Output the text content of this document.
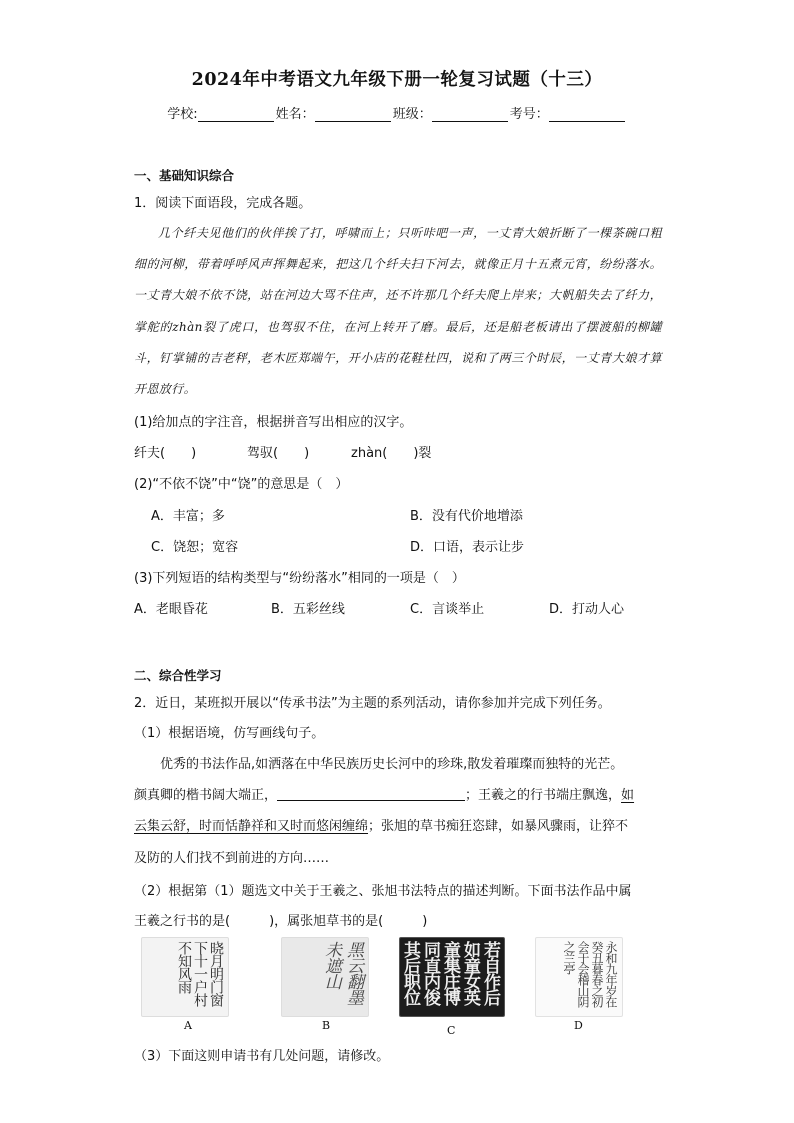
2024年中考语文九年级下册一轮复习试题（十三）
学校:	姓名：	班级：	考号：
一、基础知识综合
1．阅读下面语段，完成各题。

几个纤夫见他们的伙伴挨了打，呼啸而上；只听咔吧一声，一丈青大娘折断了一棵茶碗口粗细的河柳，带着呼呼风声挥舞起来，把这几个纤夫扫下河去，就像正月十五煮元宵，纷纷落水。一丈青大娘不依不饶，站在河边大骂不住声，还不许那几个纤夫爬上岸来；大帆船失去了纤力，掌舵的zhàn裂了虎口，也驾驭不住，在河上转开了磨。最后，还是船老板请出了摆渡船的柳罐斗，钉掌铺的吉老秤，老木匠郑端午，开小店的花鞋杜四，说和了两三个时辰，一丈青大娘才算开恩放行。

(1)给加点的字注音，根据拼音写出相应的汉字。
纤夫(　　)	驾驭(　　)	zhàn(　　)裂
(2)“不依不饶”中“饶”的意思是（　）
A．丰富；多	B．没有代价地增添
C．饶恕；宽容	D．口语，表示让步
(3)下列短语的结构类型与“纷纷落水”相同的一项是（　）
A．老眼昏花	B．五彩丝线	C．言谈举止	D．打动人心
二、综合性学习
2．近日，某班拟开展以“传承书法”为主题的系列活动，请你参加并完成下列任务。
（1）根据语境，仿写画线句子。
优秀的书法作品,如洒落在中华民族历史长河中的珍珠,散发着璀璨而独特的光芒。
颜真卿的楷书阔大端正，	；王羲之的行书端庄飘逸，如
云集云舒，时而恬静祥和又时而悠闲缠绵；张旭的草书痴狂恣肆，如暴风骤雨，让猝不
及防的人们找不到前进的方向……
（2）根据第（1）题选文中关于王羲之、张旭书法特点的描述判断。下面书法作品中属
王羲之行书的是(　　　)，属张旭草书的是(　　　)
晓月明门窗下十一户村不知风雨	黑云翻墨未遮山	若自作后如童女英童集庄博同直内俊其后职位	永和九年岁在癸丑暮春之初会于会稽山阴之兰亭
A	B	C	D
（3）下面这则申请书有几处问题，请修改。
